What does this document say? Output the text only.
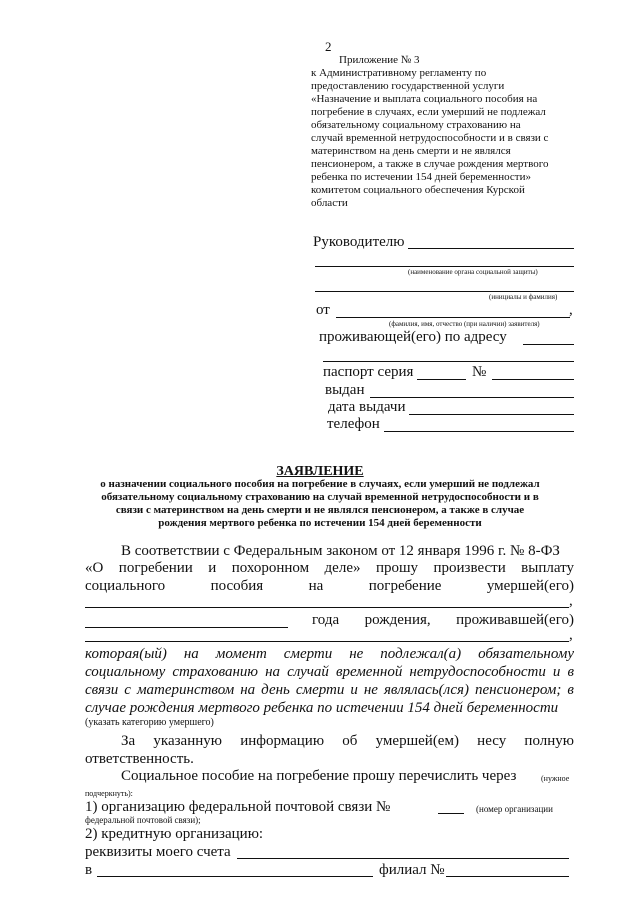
2
Приложение № 3
к Административному регламенту по
предоставлению государственной услуги
«Назначение и выплата социального пособия на
погребение в случаях, если умерший не подлежал
обязательному социальному страхованию на
случай временной нетрудоспособности и в связи с
материнством на день смерти и не являлся
пенсионером, а также в случае рождения мертвого
ребенка по истечении 154 дней беременности»
комитетом социального обеспечения Курской
области
Руководителю
(наименование органа социальной защиты)
(инициалы и фамилия)
от	,
(фамилия, имя, отчество (при наличии) заявителя)
проживающей(его) по адресу
паспорт серия	№
выдан
дата выдачи
телефон
ЗАЯВЛЕНИЕ
о назначении социального пособия на погребение в случаях, если умерший не подлежал
обязательному социальному страхованию на случай временной нетрудоспособности и в
связи с материнством на день смерти и не являлся пенсионером, а также в случае
рождения мертвого ребенка по истечении 154 дней беременности
В соответствии с Федеральным законом от 12 января 1996 г. № 8-ФЗ
«О погребении и похоронном деле» прошу произвести выплату
социального	пособия	на	погребение	умершей(его)
,
года рождения, проживавшей(его)
,
которая(ый) на момент смерти не подлежал(а) обязательному
социальному страхованию на случай временной нетрудоспособности и в
связи с материнством на день смерти и не являлась(лся) пенсионером; в
случае рождения мертвого ребенка по истечении 154 дней беременности
(указать категорию умершего)
За указанную информацию об умершей(ем) несу полную
ответственность.
Социальное пособие на погребение прошу перечислить через	(нужное
подчеркнуть):
1) организацию федеральной почтовой связи №	(номер организации
федеральной почтовой связи);
2) кредитную организацию:
реквизиты моего счета
в	филиал №
